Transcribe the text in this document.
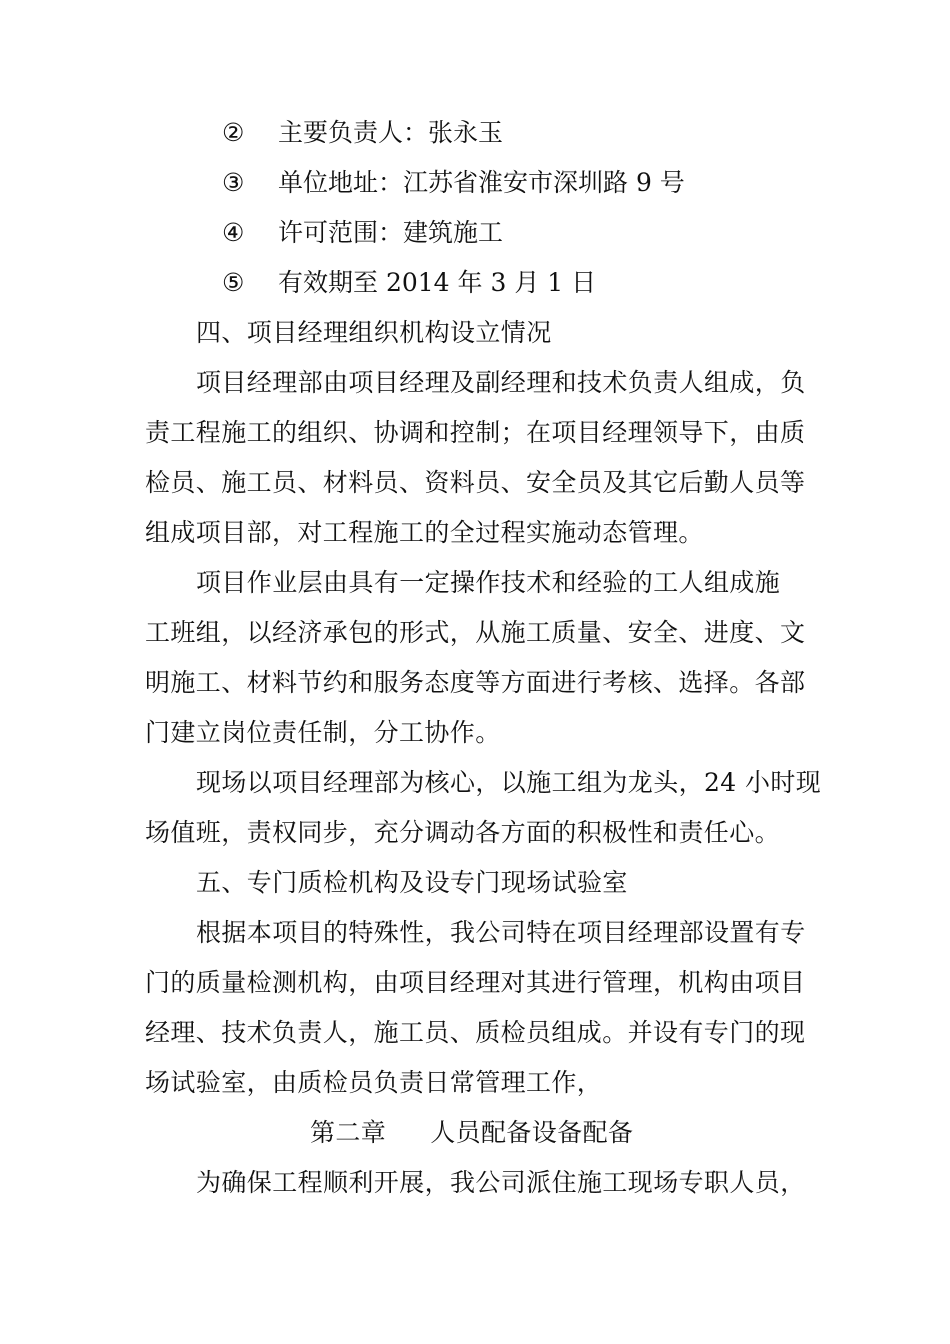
② 主要负责人：张永玉
③ 单位地址：江苏省淮安市深圳路 9 号
④ 许可范围：建筑施工
⑤ 有效期至 2014 年 3 月 1 日
四、项目经理组织机构设立情况
项目经理部由项目经理及副经理和技术负责人组成，负
责工程施工的组织、协调和控制；在项目经理领导下，由质
检员、施工员、材料员、资料员、安全员及其它后勤人员等
组成项目部，对工程施工的全过程实施动态管理。
项目作业层由具有一定操作技术和经验的工人组成施
工班组，以经济承包的形式，从施工质量、安全、进度、文
明施工、材料节约和服务态度等方面进行考核、选择。各部
门建立岗位责任制，分工协作。
现场以项目经理部为核心，以施工组为龙头，24 小时现
场值班，责权同步，充分调动各方面的积极性和责任心。
五、专门质检机构及设专门现场试验室
根据本项目的特殊性，我公司特在项目经理部设置有专
门的质量检测机构，由项目经理对其进行管理，机构由项目
经理、技术负责人，施工员、质检员组成。并设有专门的现
场试验室，由质检员负责日常管理工作，
第二章 人员配备设备配备
为确保工程顺利开展，我公司派住施工现场专职人员，
